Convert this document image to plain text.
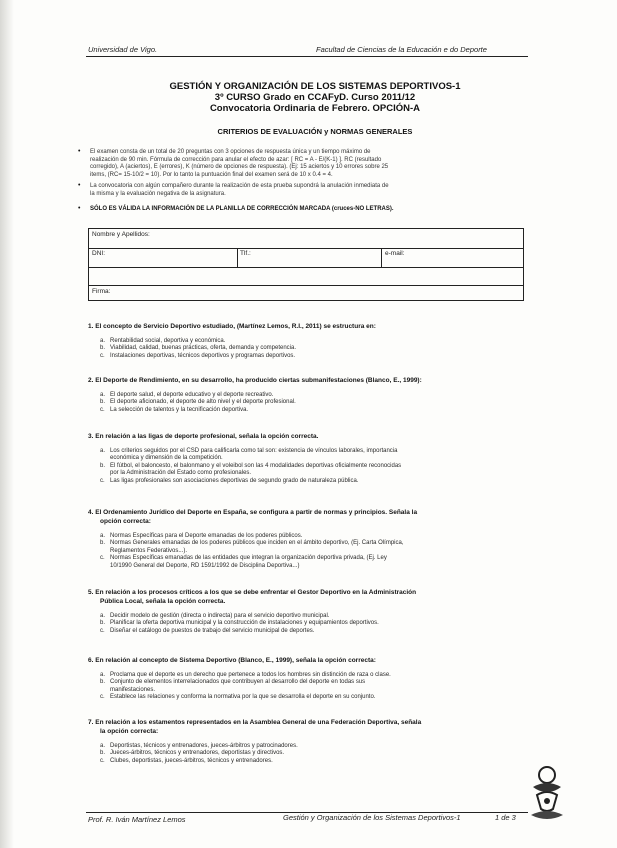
Universidad de Vigo.	Facultad de Ciencias de la Educación e do Deporte
GESTIÓN Y ORGANIZACIÓN DE LOS SISTEMAS DEPORTIVOS-1
3º CURSO Grado en CCAFyD. Curso 2011/12
Convocatoria Ordinaria de Febrero. OPCIÓN-A
CRITERIOS DE EVALUACIÓN y NORMAS GENERALES
• El examen consta de un total de 20 preguntas con 3 opciones de respuesta única y un tiempo máximo de
realización de 90 min. Fórmula de corrección para anular el efecto de azar: [ RC = A - E/(K-1) ]. RC (resultado
corregido), A (aciertos), E (errores), K (número de opciones de respuesta). (Ej: 15 aciertos y 10 errores sobre 25
items, (RC= 15-10/2 = 10). Por lo tanto la puntuación final del examen será de 10 x 0.4 = 4.
• La convocatoria con algún compañero durante la realización de esta prueba supondrá la anulación inmediata de
la misma y la evaluación negativa de la asignatura.
• SÓLO ES VÁLIDA LA INFORMACIÓN DE LA PLANILLA DE CORRECCIÓN MARCADA (cruces-NO LETRAS).
Nombre y Apellidos:
DNI:	Tlf.:	e-mail:
Firma:
1. El concepto de Servicio Deportivo estudiado, (Martínez Lemos, R.I., 2011) se estructura en:
a. Rentabilidad social, deportiva y económica.
b. Viabilidad, calidad, buenas prácticas, oferta, demanda y competencia.
c. Instalaciones deportivas, técnicos deportivos y programas deportivos.
2. El Deporte de Rendimiento, en su desarrollo, ha producido ciertas submanifestaciones (Blanco, E., 1999):
a. El deporte salud, el deporte educativo y el deporte recreativo.
b. El deporte aficionado, el deporte de alto nivel y el deporte profesional.
c. La selección de talentos y la tecnificación deportiva.
3. En relación a las ligas de deporte profesional, señala la opción correcta.
a. Los criterios seguidos por el CSD para calificarla como tal son: existencia de vínculos laborales, importancia
económica y dimensión de la competición.
b. El fútbol, el baloncesto, el balonmano y el voleibol son las 4 modalidades deportivas oficialmente reconocidas
por la Administración del Estado como profesionales.
c. Las ligas profesionales son asociaciones deportivas de segundo grado de naturaleza pública.
4. El Ordenamiento Jurídico del Deporte en España, se configura a partir de normas y principios. Señala la
opción correcta:
a. Normas Específicas para el Deporte emanadas de los poderes públicos.
b. Normas Generales emanadas de los poderes públicos que inciden en el ámbito deportivo, (Ej. Carta Olímpica,
Reglamentos Federativos...).
c. Normas Específicas emanadas de las entidades que integran la organización deportiva privada, (Ej. Ley
10/1990 General del Deporte, RD 1591/1992 de Disciplina Deportiva...)
5. En relación a los procesos críticos a los que se debe enfrentar el Gestor Deportivo en la Administración
Pública Local, señala la opción correcta.
a. Decidir modelo de gestión (directa o indirecta) para el servicio deportivo municipal.
b. Planificar la oferta deportiva municipal y la construcción de instalaciones y equipamientos deportivos.
c. Diseñar el catálogo de puestos de trabajo del servicio municipal de deportes.
6. En relación al concepto de Sistema Deportivo (Blanco, E., 1999), señala la opción correcta:
a. Proclama que el deporte es un derecho que pertenece a todos los hombres sin distinción de raza o clase.
b. Conjunto de elementos interrelacionados que contribuyen al desarrollo del deporte en todas sus
manifestaciones.
c. Establece las relaciones y conforma la normativa por la que se desarrolla el deporte en su conjunto.
7. En relación a los estamentos representados en la Asamblea General de una Federación Deportiva, señala
la opción correcta:
a. Deportistas, técnicos y entrenadores, jueces-árbitros y patrocinadores.
b. Jueces-árbitros, técnicos y entrenadores, deportistas y directivos.
c. Clubes, deportistas, jueces-árbitros, técnicos y entrenadores.
Prof. R. Iván Martínez Lemos	Gestión y Organización de los Sistemas Deportivos-1	1 de 3
